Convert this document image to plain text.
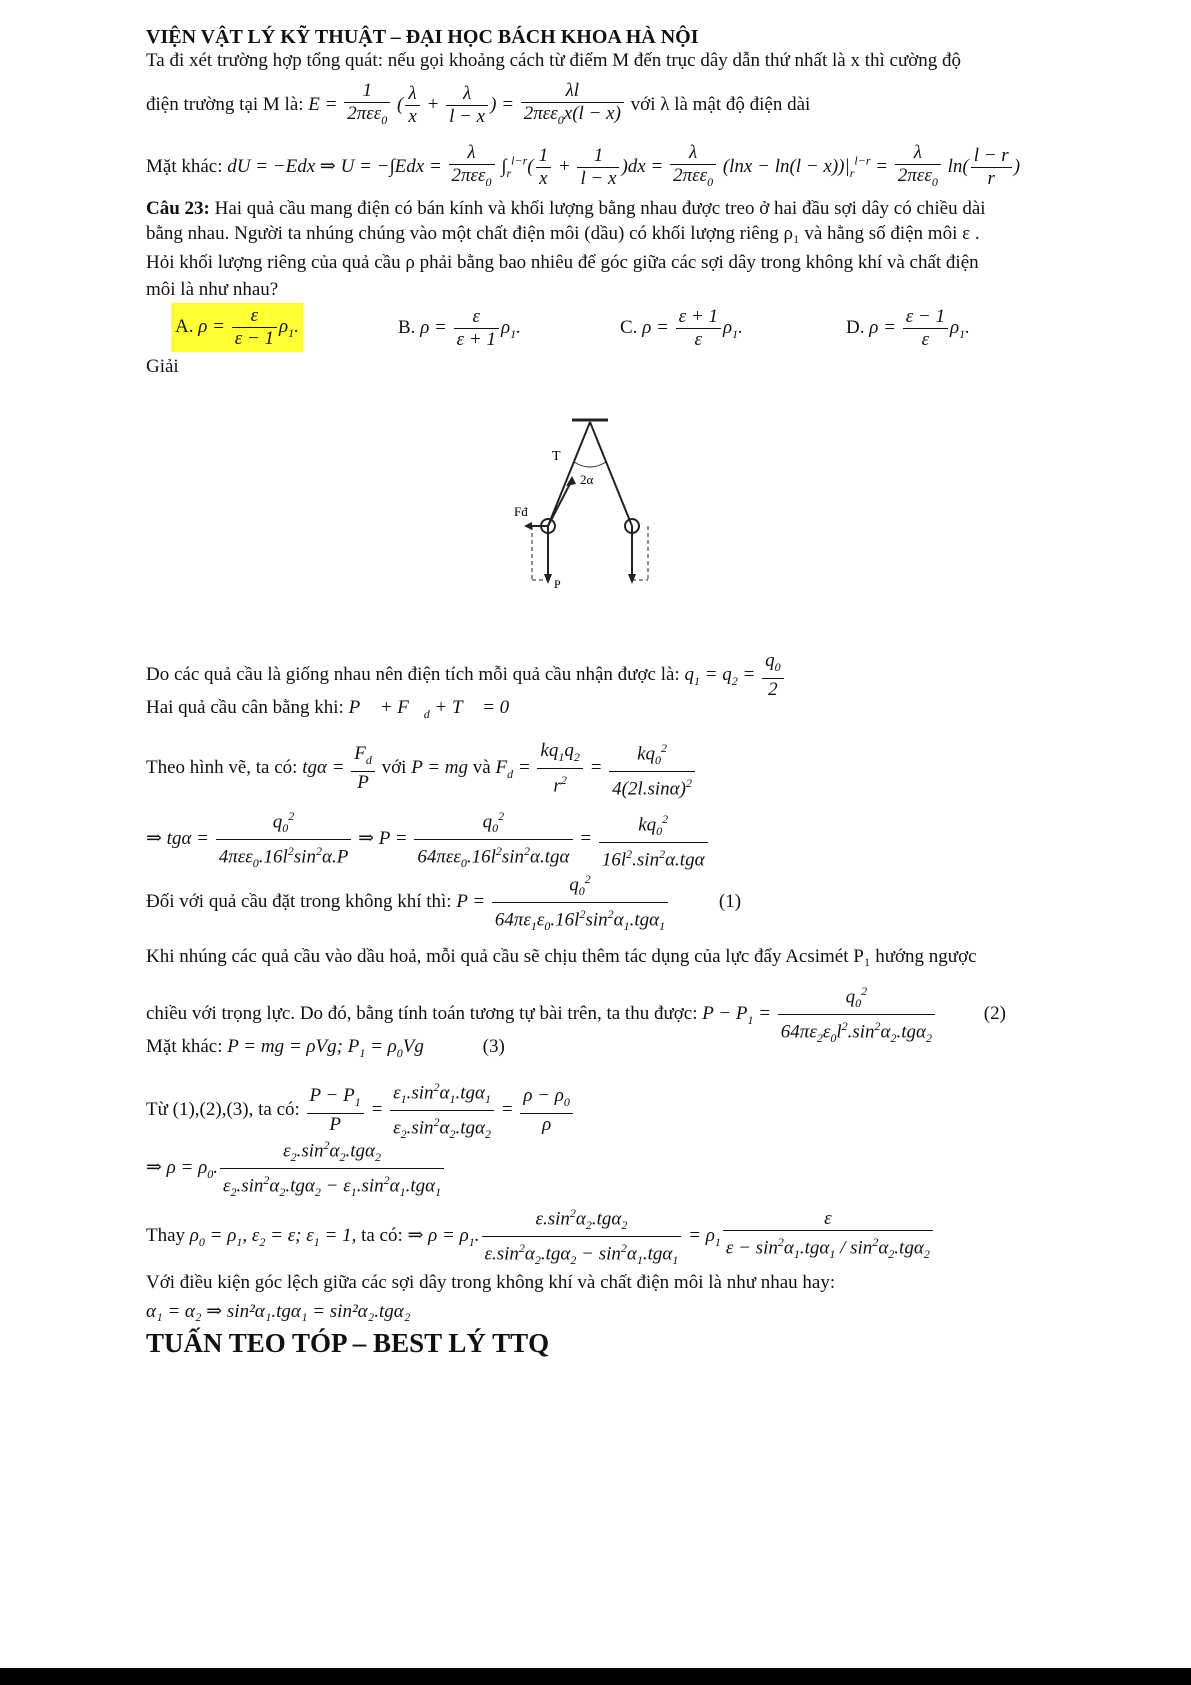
VIỆN VẬT LÝ KỸ THUẬT – ĐẠI HỌC BÁCH KHOA HÀ NỘI
Ta đi xét trường hợp tổng quát: nếu gọi khoảng cách từ điểm M đến trục dây dẫn thứ nhất là x thì cường độ
điện trường tại M là: $E = \frac{1}{2\pi\varepsilon\varepsilon_0}$ ( $\frac{\lambda}{x} + \frac{\lambda}{l - x}$ ) = $\frac{\lambda l}{2\pi\varepsilon\varepsilon_0x(l - x)}$ với λ là mật độ điện dài
Mặt khác: dU = −Edx ⇒ $U = -\int Edx = \frac{\lambda}{2\pi\varepsilon\varepsilon_0} \int_r^{l-r}( \frac{1}{x} + \frac{1}{l - x} )dx = \frac{\lambda}{2\pi\varepsilon\varepsilon_0} (\ln x - \ln(l - x))|_r^{l-r} = \frac{\lambda}{2\pi\varepsilon\varepsilon_0} \ln( \frac{l - r}{r}$ )
Câu 23: Hai quả cầu mang điện có bán kính và khối lượng bằng nhau được treo ở hai đầu sợi dây có chiều dài
bằng nhau. Người ta nhúng chúng vào một chất điện môi (dầu) có khối lượng riêng ρ₁ và hằng số điện môi ε .
Hỏi khối lượng riêng của quả cầu ρ phải bằng bao nhiêu để góc giữa các sợi dây trong không khí và chất điện
môi là như nhau?
A. $\rho = \frac{\varepsilon}{\varepsilon - 1} \rho_1$.	B. $\rho = \frac{\varepsilon}{\varepsilon + 1} \rho_1$.	C. $\rho = \frac{\varepsilon + 1}{\varepsilon} \rho_1$.	D. $\rho = \frac{\varepsilon - 1}{\varepsilon} \rho_1$.
Giải
T
2α
Fđ
P
Do các quả cầu là giống nhau nên điện tích mỗi quả cầu nhận được là: $q_1 = q_2 = \frac{q_0}{2}$
Hai quả cầu cân bằng khi: P⃗ + $F⃗_d$ + T⃗ = 0
Theo hình vẽ, ta có: $tg\alpha = \frac{F_d}{P}$ với P = mg và $F_d = \frac{kq_1q_2}{r^2} = \frac{kq_0^2}{4(2l.\sin\alpha)^2}$
⇒ $tg\alpha = \frac{q_0^2}{4\pi\varepsilon\varepsilon_0.16l^2\sin^2\alpha.P}$ ⇒ $P = \frac{q_0^2}{64\pi\varepsilon\varepsilon_0.16l^2\sin^2\alpha.tg\alpha} = \frac{kq_0^2}{16l^2.\sin^2\alpha.tg\alpha}$
Đối với quả cầu đặt trong không khí thì: $P = \frac{q_0^2}{64\pi\varepsilon_1\varepsilon_0.16l^2\sin^2\alpha_1.tg\alpha_1}$	(1)
Khi nhúng các quả cầu vào dầu hoả, mỗi quả cầu sẽ chịu thêm tác dụng của lực đẩy Acsimét P₁ hướng ngược
chiều với trọng lực. Do đó, bằng tính toán tương tự bài trên, ta thu được: $P - P_1 = \frac{q_0^2}{64\pi\varepsilon_2\varepsilon_0l^2.\sin^2\alpha_2.tg\alpha_2}$	(2)
Mặt khác: P = mg = ρVg; $P_1 = \rho_0Vg$	(3)
Từ (1),(2),(3), ta có: $\frac{P - P_1}{P} = \frac{\varepsilon_1.\sin^2\alpha_1.tg\alpha_1}{\varepsilon_2.\sin^2\alpha_2.tg\alpha_2} = \frac{\rho - \rho_0}{\rho}$
⇒ $\rho = \rho_0$. $\frac{\varepsilon_2.\sin^2\alpha_2.tg\alpha_2}{\varepsilon_2.\sin^2\alpha_2.tg\alpha_2 - \varepsilon_1.\sin^2\alpha_1.tg\alpha_1}$
Thay $\rho_0 = \rho_1$, $\varepsilon_2 = \varepsilon$; $\varepsilon_1 = 1$, ta có: ⇒ $\rho = \rho_1$. $\frac{\varepsilon.\sin^2\alpha_2.tg\alpha_2}{\varepsilon.\sin^2\alpha_2.tg\alpha_2 - \sin^2\alpha_1.tg\alpha_1} = \rho_1 \frac{\varepsilon}{\varepsilon - \sin^2\alpha_1.tg\alpha_1 / \sin^2\alpha_2.tg\alpha_2}$
Với điều kiện góc lệch giữa các sợi dây trong không khí và chất điện môi là như nhau hay:
α₁ = α₂ ⇒ sin²α₁.tgα₁ = sin²α₂.tgα₂
TUẤN TEO TÓP – BEST LÝ TTQ
